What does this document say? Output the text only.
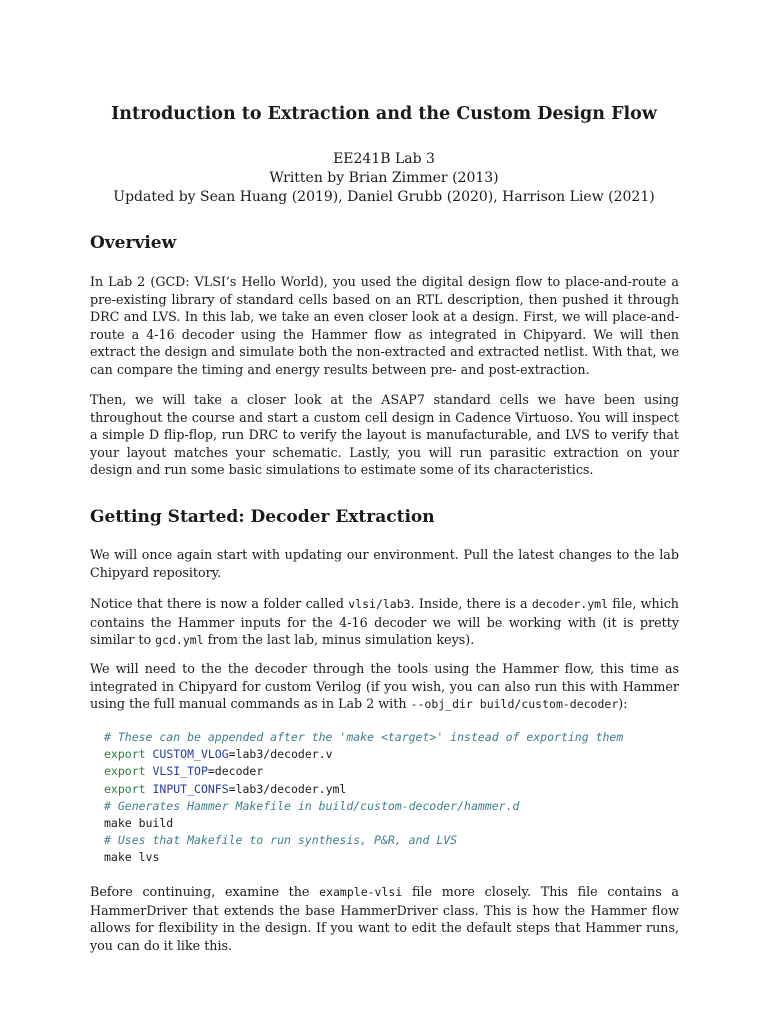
Introduction to Extraction and the Custom Design Flow
EE241B Lab 3
Written by Brian Zimmer (2013)
Updated by Sean Huang (2019), Daniel Grubb (2020), Harrison Liew (2021)
Overview

In Lab 2 (GCD: VLSI’s Hello World), you used the digital design flow to place-and-route a pre-existing library of standard cells based on an RTL description, then pushed it through DRC and LVS. In this lab, we take an even closer look at a design. First, we will place-and-route a 4-16 decoder using the Hammer flow as integrated in Chipyard. We will then extract the design and simulate both the non-extracted and extracted netlist. With that, we can compare the timing and energy results between pre- and post-extraction.

Then, we will take a closer look at the ASAP7 standard cells we have been using throughout the course and start a custom cell design in Cadence Virtuoso. You will inspect a simple D flip-flop, run DRC to verify the layout is manufacturable, and LVS to verify that your layout matches your schematic. Lastly, you will run parasitic extraction on your design and run some basic simulations to estimate some of its characteristics.

Getting Started: Decoder Extraction

We will once again start with updating our environment. Pull the latest changes to the lab Chipyard repository.

Notice that there is now a folder called vlsi/lab3. Inside, there is a decoder.yml file, which contains the Hammer inputs for the 4-16 decoder we will be working with (it is pretty similar to gcd.yml from the last lab, minus simulation keys).

We will need to the the decoder through the tools using the Hammer flow, this time as integrated in Chipyard for custom Verilog (if you wish, you can also run this with Hammer using the full manual commands as in Lab 2 with --obj_dir build/custom-decoder):

# These can be appended after the 'make <target>' instead of exporting them
export CUSTOM_VLOG=lab3/decoder.v
export VLSI_TOP=decoder
export INPUT_CONFS=lab3/decoder.yml
# Generates Hammer Makefile in build/custom-decoder/hammer.d
make build
# Uses that Makefile to run synthesis, P&R, and LVS
make lvs

Before continuing, examine the example-vlsi file more closely. This file contains a HammerDriver that extends the base HammerDriver class. This is how the Hammer flow allows for flexibility in the design. If you want to edit the default steps that Hammer runs, you can do it like this.
